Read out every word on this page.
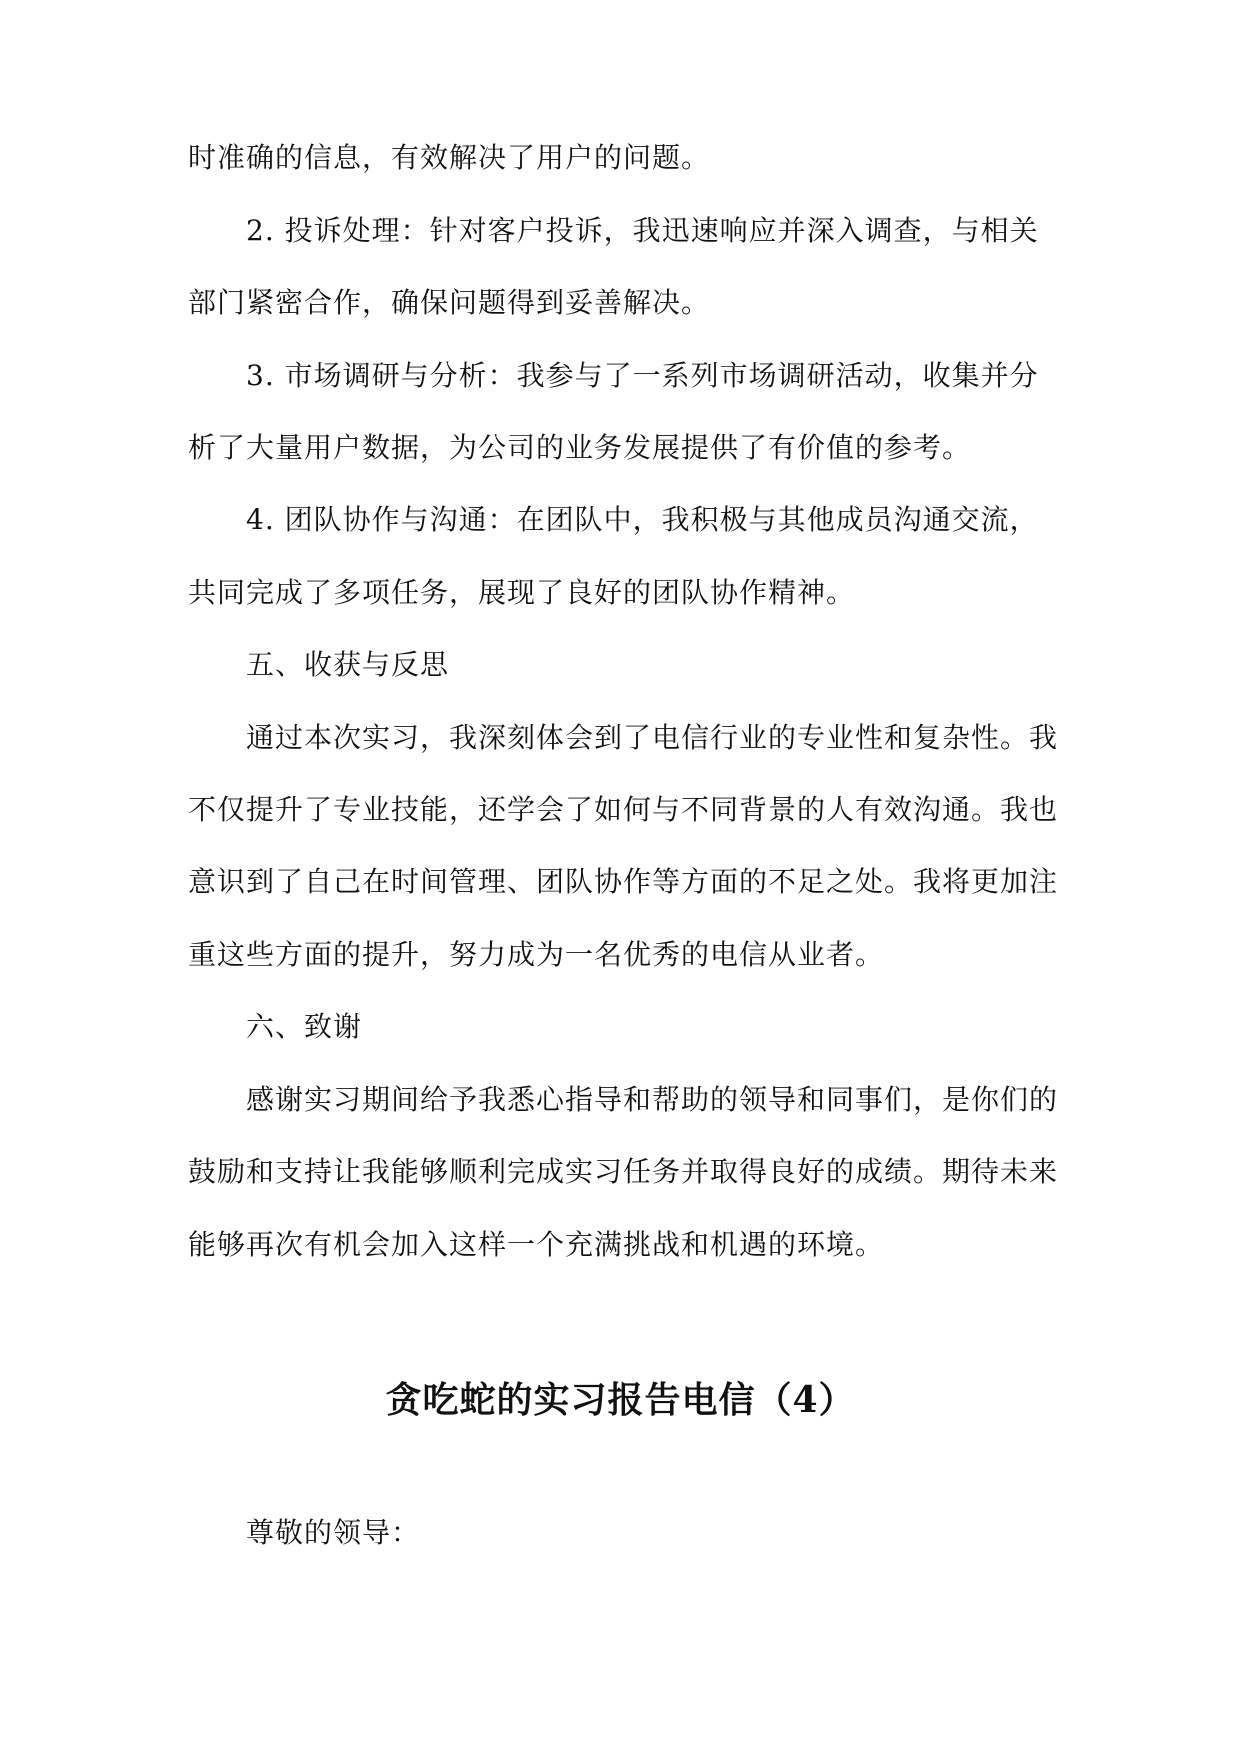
时准确的信息，有效解决了用户的问题。
2. 投诉处理：针对客户投诉，我迅速响应并深入调查，与相关
部门紧密合作，确保问题得到妥善解决。
3. 市场调研与分析：我参与了一系列市场调研活动，收集并分
析了大量用户数据，为公司的业务发展提供了有价值的参考。
4. 团队协作与沟通：在团队中，我积极与其他成员沟通交流，
共同完成了多项任务，展现了良好的团队协作精神。
五、收获与反思
通过本次实习，我深刻体会到了电信行业的专业性和复杂性。我
不仅提升了专业技能，还学会了如何与不同背景的人有效沟通。我也
意识到了自己在时间管理、团队协作等方面的不足之处。我将更加注
重这些方面的提升，努力成为一名优秀的电信从业者。
六、致谢
感谢实习期间给予我悉心指导和帮助的领导和同事们，是你们的
鼓励和支持让我能够顺利完成实习任务并取得良好的成绩。期待未来
能够再次有机会加入这样一个充满挑战和机遇的环境。
贪吃蛇的实习报告电信（4）
尊敬的领导：
